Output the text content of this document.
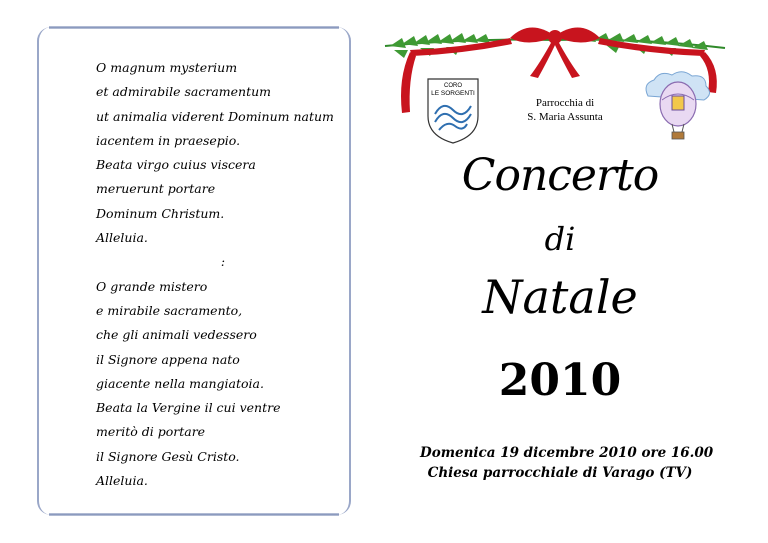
O magnum mysterium
et admirabile sacramentum
ut animalia viderent Dominum natum
iacentem in praesepio.
Beata virgo cuius viscera
meruerunt portare
Dominum Christum.
Alleluia.
:
O grande mistero
e mirabile sacramento,
che gli animali vedessero
il Signore appena nato
giacente nella mangiatoia.
Beata la Vergine il cui ventre
meritò di portare
il Signore Gesù Cristo.
Alleluia.
CORO
LE SORGENTI
Parrocchia di
S. Maria Assunta
Concerto
di
Natale
2010
Domenica 19 dicembre 2010 ore 16.00
Chiesa parrocchiale di Varago (TV)
